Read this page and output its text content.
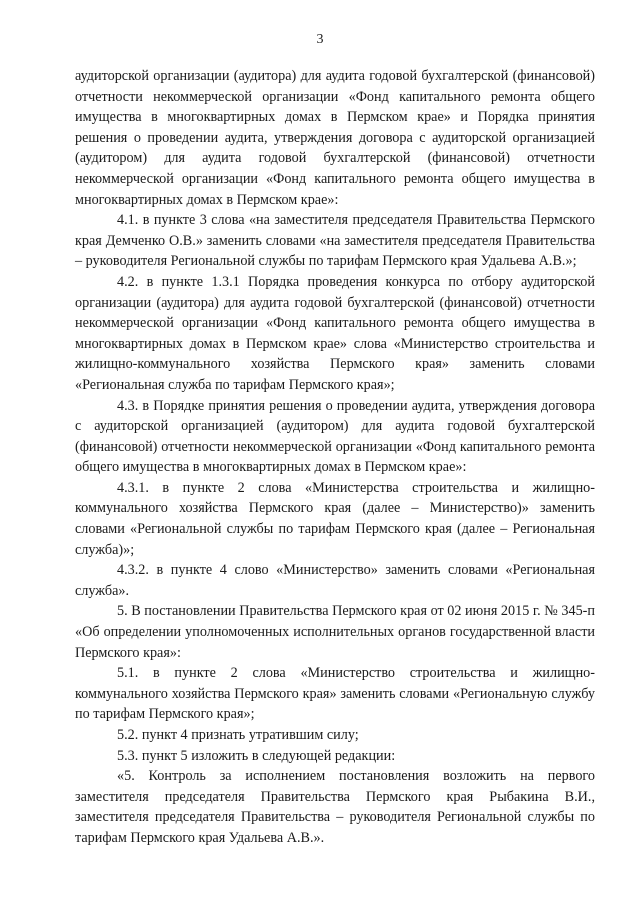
3

аудиторской организации (аудитора) для аудита годовой бухгалтерской (финансовой) отчетности некоммерческой организации «Фонд капитального ремонта общего имущества в многоквартирных домах в Пермском крае» и Порядка принятия решения о проведении аудита, утверждения договора с аудиторской организацией (аудитором) для аудита годовой бухгалтерской (финансовой) отчетности некоммерческой организации «Фонд капитального ремонта общего имущества в многоквартирных домах в Пермском крае»:

4.1. в пункте 3 слова «на заместителя председателя Правительства Пермского края Демченко О.В.» заменить словами «на заместителя председателя Правительства – руководителя Региональной службы по тарифам Пермского края Удальева А.В.»;

4.2. в пункте 1.3.1 Порядка проведения конкурса по отбору аудиторской организации (аудитора) для аудита годовой бухгалтерской (финансовой) отчетности некоммерческой организации «Фонд капитального ремонта общего имущества в многоквартирных домах в Пермском крае» слова «Министерство строительства и жилищно-коммунального хозяйства Пермского края» заменить словами «Региональная служба по тарифам Пермского края»;

4.3. в Порядке принятия решения о проведении аудита, утверждения договора с аудиторской организацией (аудитором) для аудита годовой бухгалтерской (финансовой) отчетности некоммерческой организации «Фонд капитального ремонта общего имущества в многоквартирных домах в Пермском крае»:

4.3.1. в пункте 2 слова «Министерства строительства и жилищно-коммунального хозяйства Пермского края (далее – Министерство)» заменить словами «Региональной службы по тарифам Пермского края (далее – Региональная служба)»;

4.3.2. в пункте 4 слово «Министерство» заменить словами «Региональная служба».

5. В постановлении Правительства Пермского края от 02 июня 2015 г. № 345-п «Об определении уполномоченных исполнительных органов государственной власти Пермского края»:

5.1. в пункте 2 слова «Министерство строительства и жилищно-коммунального хозяйства Пермского края» заменить словами «Региональную службу по тарифам Пермского края»;

5.2. пункт 4 признать утратившим силу;

5.3. пункт 5 изложить в следующей редакции:

«5. Контроль за исполнением постановления возложить на первого заместителя председателя Правительства Пермского края Рыбакина В.И., заместителя председателя Правительства – руководителя Региональной службы по тарифам Пермского края Удальева А.В.».
